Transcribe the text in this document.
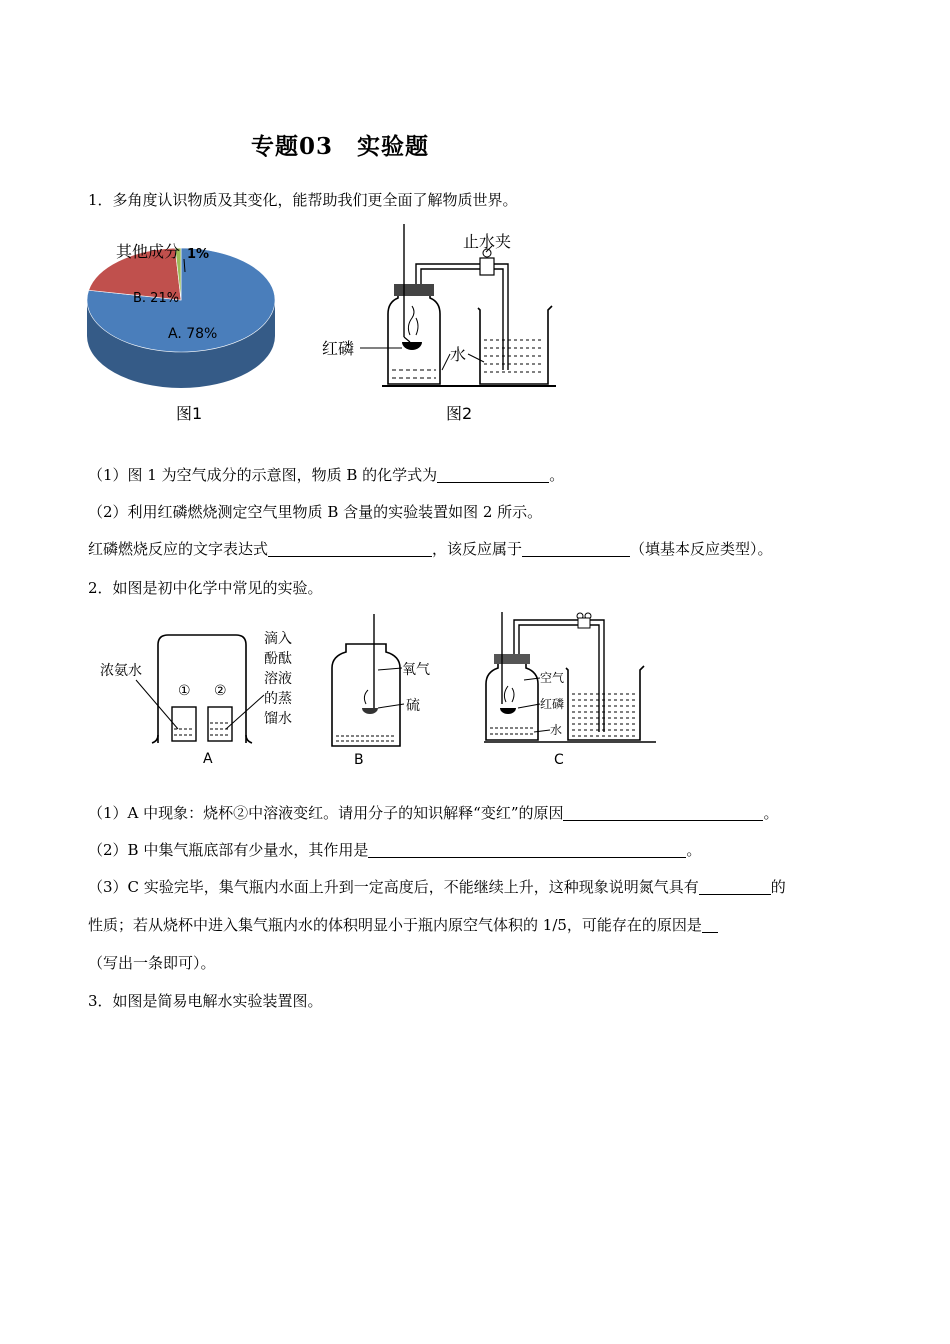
专题03　实验题
1．多角度认识物质及其变化，能帮助我们更全面了解物质世界。
其他成分 1%
B. 21%
A. 78%
图1
止水夹
红磷	水
图2
（1）图 1 为空气成分的示意图，物质 B 的化学式为	。
（2）利用红磷燃烧测定空气里物质 B 含量的实验装置如图 2 所示。
红磷燃烧反应的文字表达式	，该反应属于	（填基本反应类型）。
2．如图是初中化学中常见的实验。
① ②
浓氨水
滴入
酚酞
溶液
的蒸
馏水
A
氧气
硫
B
空气
红磷
水
C
（1）A 中现象：烧杯②中溶液变红。请用分子的知识解释“变红”的原因	。
（2）B 中集气瓶底部有少量水，其作用是	。
（3）C 实验完毕，集气瓶内水面上升到一定高度后，不能继续上升，这种现象说明氮气具有	的
性质；若从烧杯中进入集气瓶内水的体积明显小于瓶内原空气体积的 1/5，可能存在的原因是
（写出一条即可）。
3．如图是简易电解水实验装置图。
